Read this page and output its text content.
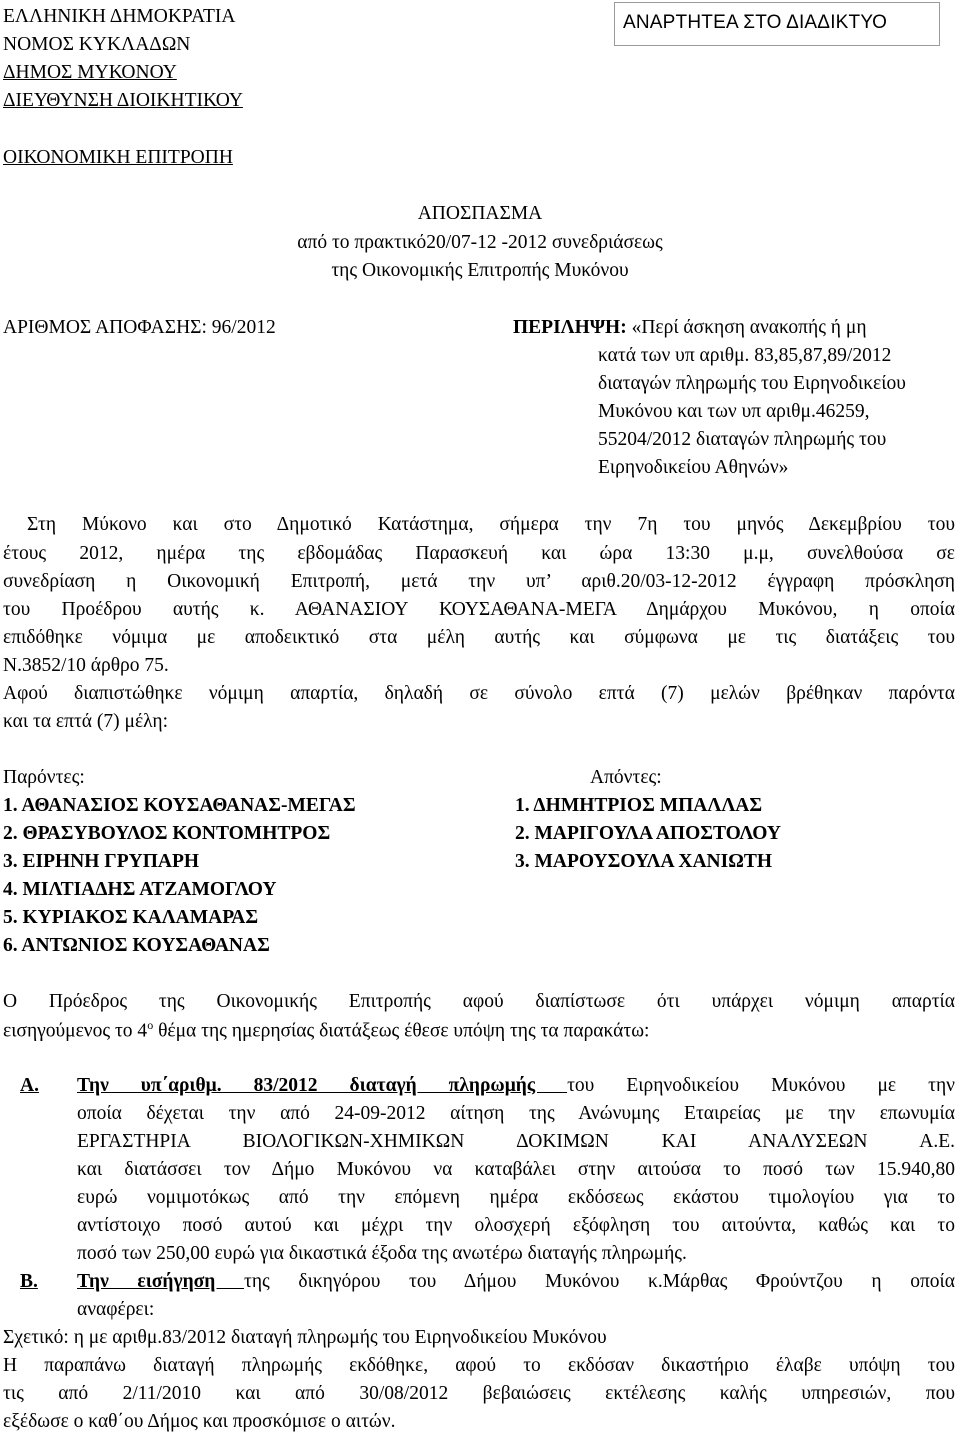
ΕΛΛΗΝΙΚΗ ΔΗΜΟΚΡΑΤΙΑ
ΝΟΜΟΣ ΚΥΚΛΑΔΩΝ
ΔΗΜΟΣ ΜΥΚΟΝΟΥ
ΔΙΕΥΘΥΝΣΗ ΔΙΟΙΚΗΤΙΚΟΥ
ΟΙΚΟΝΟΜΙΚΗ ΕΠΙΤΡΟΠΗ
ΑΝΑΡΤΗΤΕΑ ΣΤΟ ΔΙΑΔΙΚΤΥΟ
ΑΠΟΣΠΑΣΜΑ
από το πρακτικό20/07-12 -2012 συνεδριάσεως
της Οικονομικής Επιτροπής Μυκόνου
ΑΡΙΘΜΟΣ ΑΠΟΦΑΣΗΣ: 96/2012	ΠΕΡΙΛΗΨΗ: «Περί άσκηση ανακοπής ή μη
κατά των υπ αριθμ. 83,85,87,89/2012
διαταγών πληρωμής του Ειρηνοδικείου
Μυκόνου και των υπ αριθμ.46259,
55204/2012 διαταγών πληρωμής του
Ειρηνοδικείου Αθηνών»
Στη Μύκονο και στο Δημοτικό Κατάστημα, σήμερα την 7η του μηνός Δεκεμβρίου του
έτους 2012, ημέρα της εβδομάδας Παρασκευή και ώρα 13:30 μ.μ, συνελθούσα σε
συνεδρίαση η Οικονομική Επιτροπή, μετά την υπ’ αριθ.20/03-12-2012 έγγραφη πρόσκληση
του Προέδρου αυτής κ. ΑΘΑΝΑΣΙΟΥ ΚΟΥΣΑΘΑΝΑ-ΜΕΓΑ Δημάρχου Μυκόνου, η οποία
επιδόθηκε νόμιμα με αποδεικτικό στα μέλη αυτής και σύμφωνα με τις διατάξεις του
Ν.3852/10 άρθρο 75.
Αφού διαπιστώθηκε νόμιμη απαρτία, δηλαδή σε σύνολο επτά (7) μελών βρέθηκαν παρόντα
και τα επτά (7) μέλη:
Παρόντες:	Απόντες:
1. ΑΘΑΝΑΣΙΟΣ ΚΟΥΣΑΘΑΝΑΣ-ΜΕΓΑΣ
2. ΘΡΑΣΥΒΟΥΛΟΣ ΚΟΝΤΟΜΗΤΡΟΣ
3. ΕΙΡΗΝΗ ΓΡΥΠΑΡΗ
4. ΜΙΛΤΙΑΔΗΣ ΑΤΖΑΜΟΓΛΟΥ
5. ΚΥΡΙΑΚΟΣ ΚΑΛΑΜΑΡΑΣ
6. ΑΝΤΩΝΙΟΣ ΚΟΥΣΑΘΑΝΑΣ
1. ΔΗΜΗΤΡΙΟΣ ΜΠΑΛΛΑΣ
2. ΜΑΡΙΓΟΥΛΑ ΑΠΟΣΤΟΛΟΥ
3. ΜΑΡΟΥΣΟΥΛΑ ΧΑΝΙΩΤΗ
Ο Πρόεδρος της Οικονομικής Επιτροπής αφού διαπίστωσε ότι υπάρχει νόμιμη απαρτία
εισηγούμενος το $4^o$ θέμα της ημερησίας διατάξεως έθεσε υπόψη της τα παρακάτω:
Α. Την υπ΄αριθμ. 83/2012 διαταγή πληρωμής του Ειρηνοδικείου Μυκόνου με την
οποία δέχεται την από 24-09-2012 αίτηση της Ανώνυμης Εταιρείας με την επωνυμία
ΕΡΓΑΣΤΗΡΙΑ ΒΙΟΛΟΓΙΚΩΝ-ΧΗΜΙΚΩΝ ΔΟΚΙΜΩΝ ΚΑΙ ΑΝΑΛΥΣΕΩΝ Α.Ε.
και διατάσσει τον Δήμο Μυκόνου να καταβάλει στην αιτούσα το ποσό των 15.940,80
ευρώ νομιμοτόκως από την επόμενη ημέρα εκδόσεως εκάστου τιμολογίου για το
αντίστοιχο ποσό αυτού και μέχρι την ολοσχερή εξόφληση του αιτούντα, καθώς και το
ποσό των 250,00 ευρώ για δικαστικά έξοδα της ανωτέρω διαταγής πληρωμής.
Β. Την εισήγηση της δικηγόρου του Δήμου Μυκόνου κ.Μάρθας Φρούντζου η οποία
αναφέρει:
Σχετικό: η με αριθμ.83/2012 διαταγή πληρωμής του Ειρηνοδικείου Μυκόνου
Η παραπάνω διαταγή πληρωμής εκδόθηκε, αφού το εκδόσαν δικαστήριο έλαβε υπόψη του
τις από 2/11/2010 και από 30/08/2012 βεβαιώσεις εκτέλεσης καλής υπηρεσιών, που
εξέδωσε ο καθ΄ου Δήμος και προσκόμισε ο αιτών.
